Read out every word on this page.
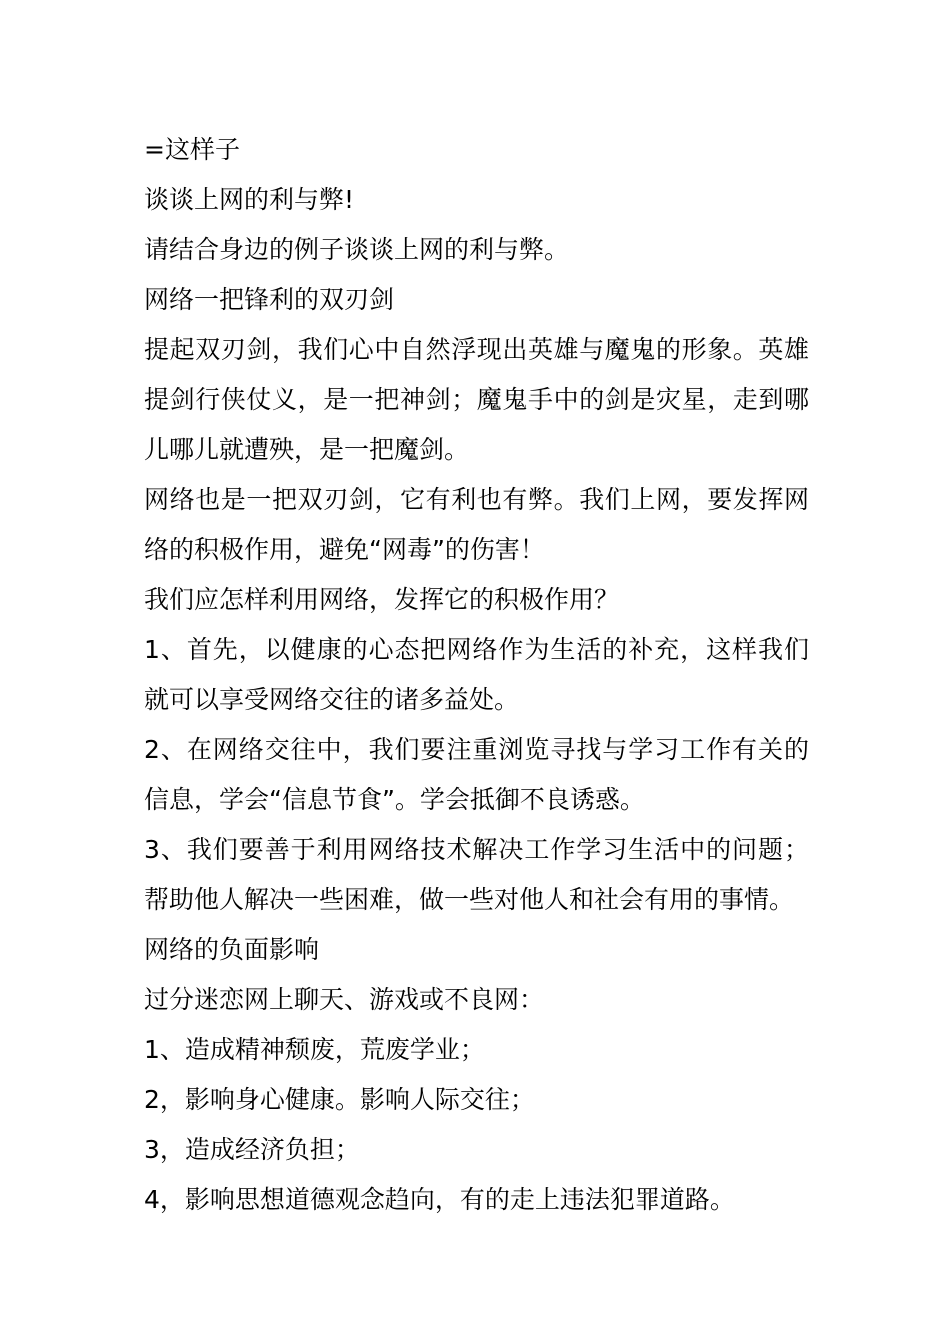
=这样子

谈谈上网的利与弊!

请结合身边的例子谈谈上网的利与弊。

网络一把锋利的双刃剑

提起双刃剑，我们心中自然浮现出英雄与魔鬼的形象。英雄提剑行侠仗义，是一把神剑；魔鬼手中的剑是灾星，走到哪儿哪儿就遭殃，是一把魔剑。

网络也是一把双刃剑，它有利也有弊。我们上网，要发挥网络的积极作用，避免“网毒”的伤害！

我们应怎样利用网络，发挥它的积极作用？

1、首先，以健康的心态把网络作为生活的补充，这样我们就可以享受网络交往的诸多益处。

2、在网络交往中，我们要注重浏览寻找与学习工作有关的信息，学会“信息节食”。学会抵御不良诱惑。

3、我们要善于利用网络技术解决工作学习生活中的问题；帮助他人解决一些困难，做一些对他人和社会有用的事情。

网络的负面影响

过分迷恋网上聊天、游戏或不良网：

1、造成精神颓废，荒废学业；

2，影响身心健康。影响人际交往；

3，造成经济负担；

4，影响思想道德观念趋向，有的走上违法犯罪道路。
